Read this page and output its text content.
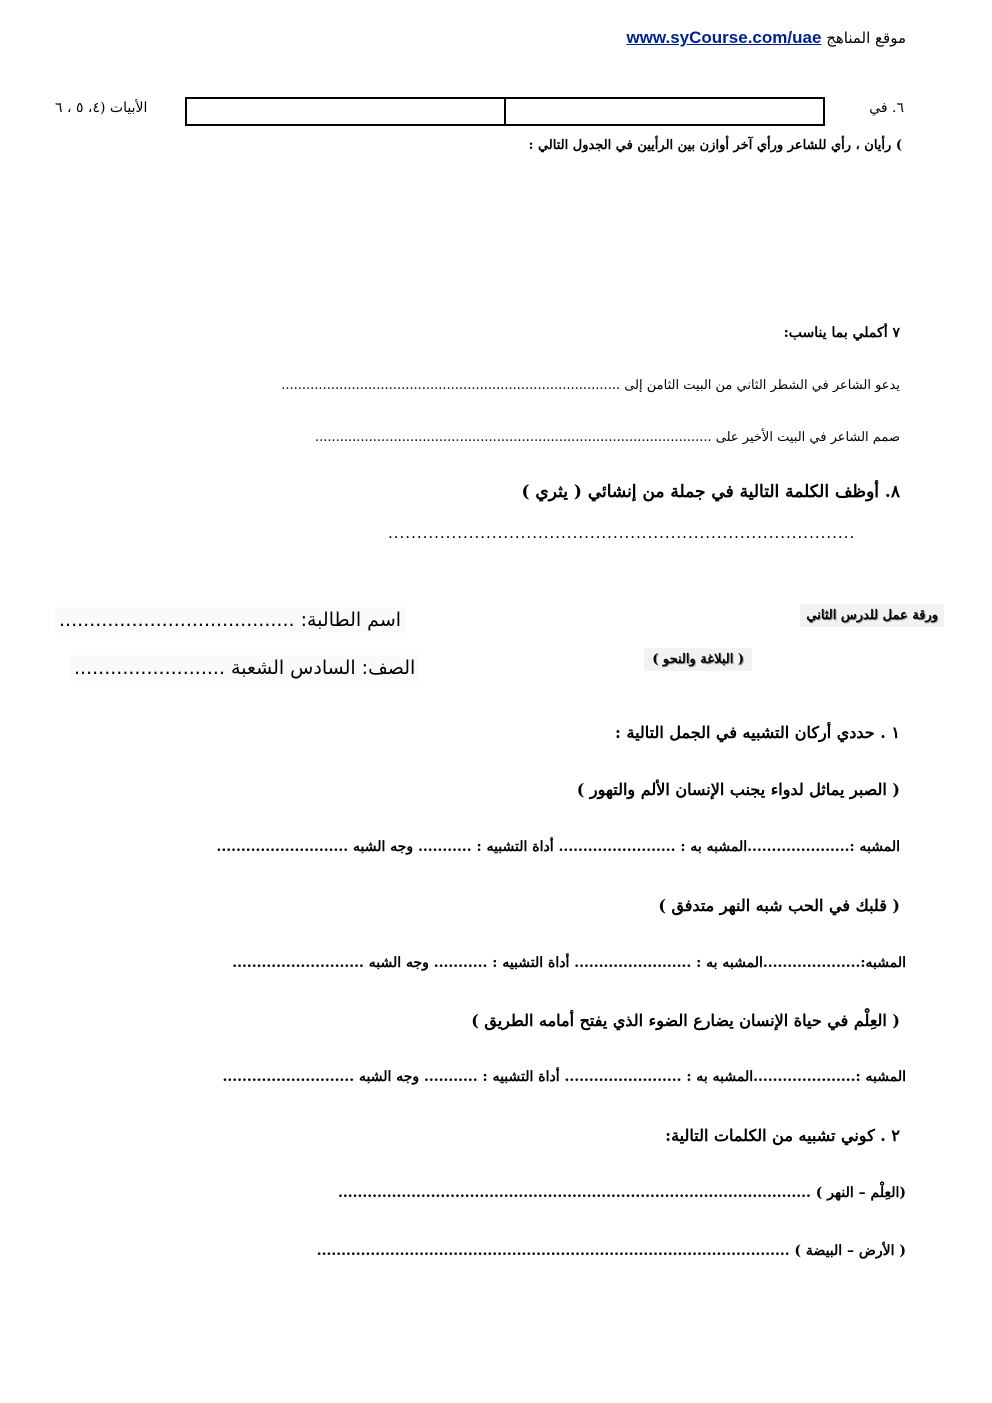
موقع المناهج www.syCourse.com/uae
٦. في
الأبيات (٤، ٥ ، ٦
) رأيان ، رأي للشاعر ورأي آخر أوازن بين الرأيين في الجدول التالي :
٧ أكملي بما يناسب:
يدعو الشاعر في الشطر الثاني من البيت الثامن إلى ..................................................................................
صمم الشاعر في البيت الأخير على ................................................................................................
٨. أوظف الكلمة التالية في جملة من إنشائي ( يثري )
.................................................................................
ورقة عمل للدرس الثاني
( البلاغة والنحو )
اسم الطالبة: .......................................
الصف: السادس الشعبة .........................
١ . حددي أركان التشبيه في الجمل التالية :
( الصبر يماثل لدواء يجنب الإنسان الألم والتهور )
المشبه :.....................المشبه به : ........................ أداة التشبيه : ........... وجه الشبه ...........................
( قلبك في الحب شبه النهر متدفق )
المشبه:....................المشبه به : ........................ أداة التشبيه : ........... وجه الشبه ...........................
( العِلْم في حياة الإنسان يضارع الضوء الذي يفتح أمامه الطريق )
المشبه :.....................المشبه به : ........................ أداة التشبيه : ........... وجه الشبه ...........................
٢ . كوني تشبيه من الكلمات التالية:
(العِلْم – النهر ) .................................................................................................
( الأرض – البيضة ) .................................................................................................
